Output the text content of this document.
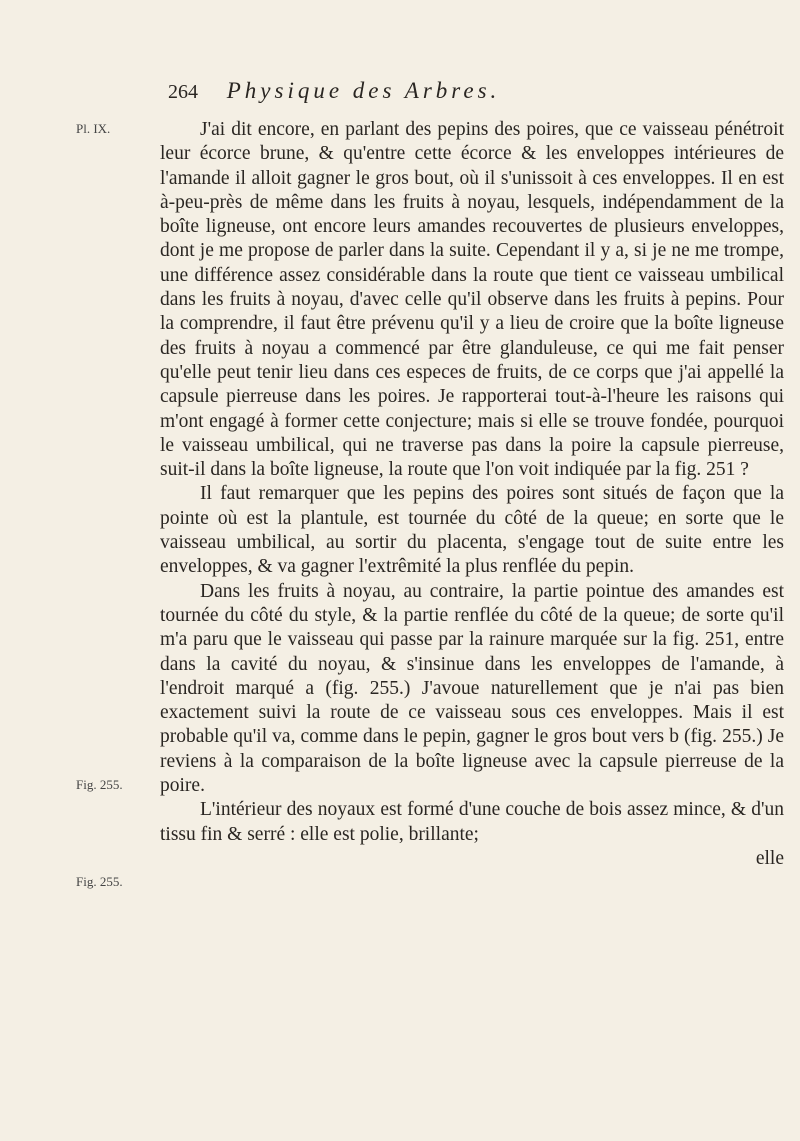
264 Physique des Arbres.
Pl. IX.
Fig. 255.
Fig. 255.

J'ai dit encore, en parlant des pepins des poires, que ce vaisseau pénétroit leur écorce brune, & qu'entre cette écorce & les enveloppes intérieures de l'amande il alloit gagner le gros bout, où il s'unissoit à ces enveloppes. Il en est à-peu-près de même dans les fruits à noyau, lesquels, indépendamment de la boîte ligneuse, ont encore leurs amandes recouvertes de plusieurs enveloppes, dont je me propose de parler dans la suite. Cependant il y a, si je ne me trompe, une différence assez considérable dans la route que tient ce vaisseau umbilical dans les fruits à noyau, d'avec celle qu'il observe dans les fruits à pepins. Pour la comprendre, il faut être prévenu qu'il y a lieu de croire que la boîte ligneuse des fruits à noyau a commencé par être glanduleuse, ce qui me fait penser qu'elle peut tenir lieu dans ces especes de fruits, de ce corps que j'ai appellé la capsule pierreuse dans les poires. Je rapporterai tout-à-l'heure les raisons qui m'ont engagé à former cette conjecture; mais si elle se trouve fondée, pourquoi le vaisseau umbilical, qui ne traverse pas dans la poire la capsule pierreuse, suit-il dans la boîte ligneuse, la route que l'on voit indiquée par la fig. 251 ?

Il faut remarquer que les pepins des poires sont situés de façon que la pointe où est la plantule, est tournée du côté de la queue; en sorte que le vaisseau umbilical, au sortir du placenta, s'engage tout de suite entre les enveloppes, & va gagner l'extrêmité la plus renflée du pepin.

Dans les fruits à noyau, au contraire, la partie pointue des amandes est tournée du côté du style, & la partie renflée du côté de la queue; de sorte qu'il m'a paru que le vaisseau qui passe par la rainure marquée sur la fig. 251, entre dans la cavité du noyau, & s'insinue dans les enveloppes de l'amande, à l'endroit marqué a (fig. 255.) J'avoue naturellement que je n'ai pas bien exactement suivi la route de ce vaisseau sous ces enveloppes. Mais il est probable qu'il va, comme dans le pepin, gagner le gros bout vers b (fig. 255.) Je reviens à la comparaison de la boîte ligneuse avec la capsule pierreuse de la poire.

L'intérieur des noyaux est formé d'une couche de bois assez mince, & d'un tissu fin & serré : elle est polie, brillante;

elle
